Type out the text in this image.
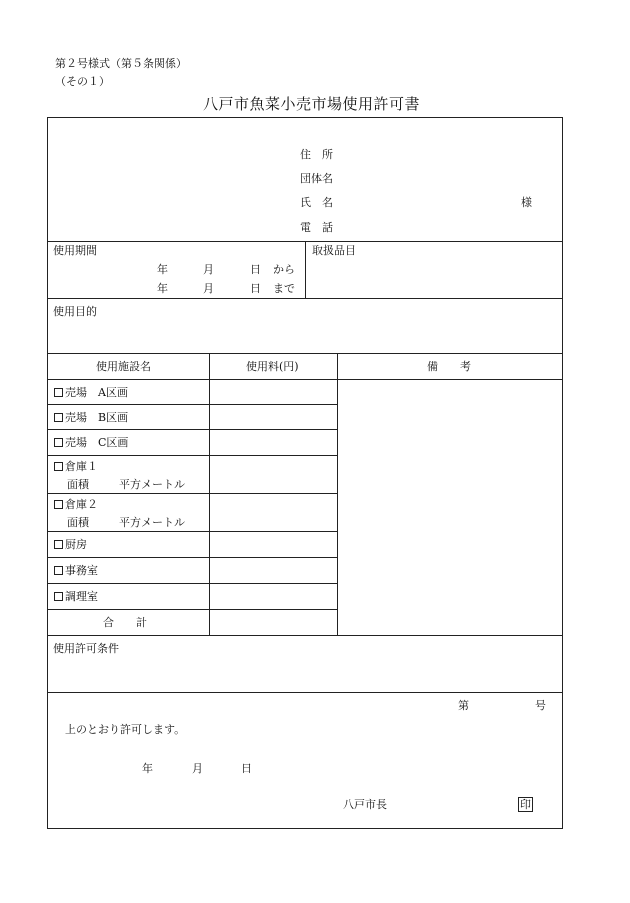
第２号様式（第５条関係）
（その１）
八戸市魚菜小売市場使用許可書
住　所
団体名
氏　名	様
電　話
使用期間
年	月	日 から
年	月	日 まで
取扱品目
使用目的
使用施設名	使用料(円)	備　　考
売場　A区画
売場　B区画
売場　C区画
倉庫１
面積	平方メートル
倉庫２
面積	平方メートル
厨房
事務室
調理室
合　　計
使用許可条件
第	号
上のとおり許可します。
年	月	日
八戸市長	印
